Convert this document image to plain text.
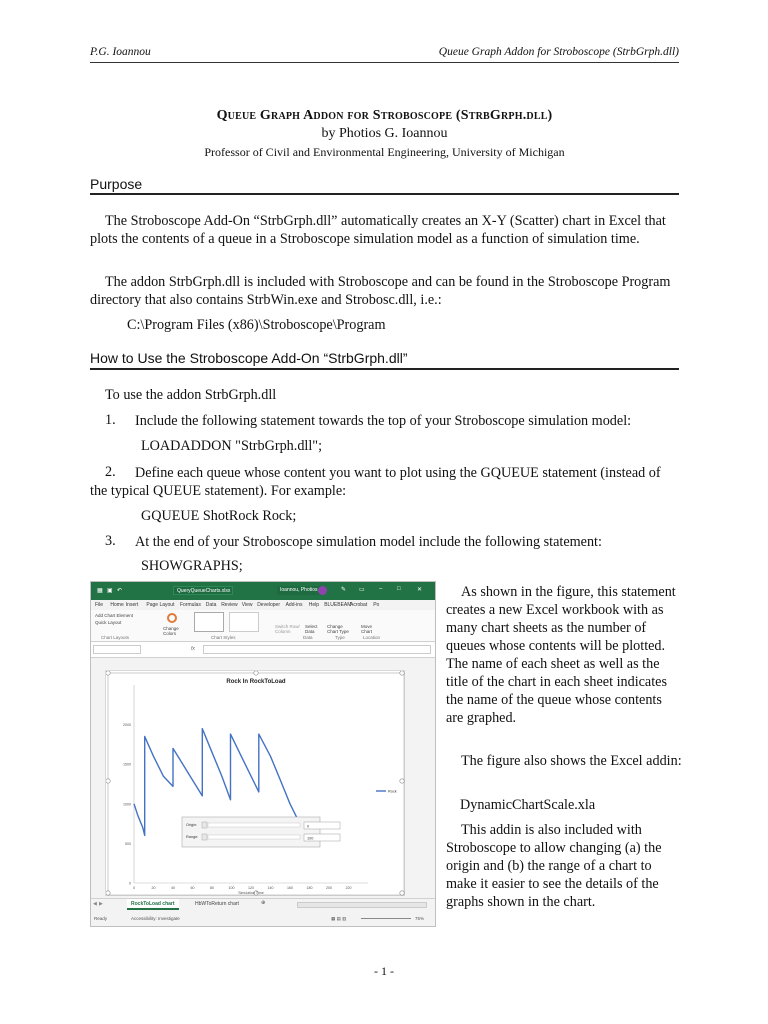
P.G. Ioannou	Queue Graph Addon for Stroboscope (StrbGrph.dll)
Queue Graph Addon for Stroboscope (StrbGrph.dll)
by Photios G. Ioannou
Professor of Civil and Environmental Engineering, University of Michigan
Purpose
The Stroboscope Add-On “StrbGrph.dll” automatically creates an X-Y (Scatter) chart in Excel that plots the contents of a queue in a Stroboscope simulation model as a function of simulation time.
The addon StrbGrph.dll is included with Stroboscope and can be found in the Stroboscope Program directory that also contains StrbWin.exe and Strobosc.dll, i.e.:
C:\Program Files (x86)\Stroboscope\Program
How to Use the Stroboscope Add-On “StrbGrph.dll”
To use the addon StrbGrph.dll
1. Include the following statement towards the top of your Stroboscope simulation model:
LOADADDON "StrbGrph.dll";
2.	Define each queue whose content you want to plot using the GQUEUE statement (instead of the typical QUEUE statement). For example:
GQUEUE ShotRock Rock;
3. At the end of your Stroboscope simulation model include the following statement:
SHOWGRAPHS;
▦ ▣ ↶	QueryQueueCharts.xlsx	Ioannou, Photios	✎ ▭ – □	✕
File Home Insert Page Layout Formulas Data Review View Developer Add-ins Help BLUEBEAM
Acrobat Po
Add Chart Element
Quick Layout
Change Colors
Switch Row/ Column
Select Data
Change Chart Type
Move Chart
Chart Layouts	Chart Styles	Data	Type	Location
fx
Rock In RockToLoad
0
500
1000
1500
2000
0	20	40	60	80	100	120	140	160	180	200	220
Simulation Time
Rock
Origin:
Range:
0
100
◀ ▶	RockToLoad chart	HbWToReturn chart	⊕
Ready	Accessibility: Investigate	▦ ▤ ▥	75%
As shown in the figure, this statement creates a new Excel workbook with as many chart sheets as the number of queues whose contents will be plotted. The name of each sheet as well as the title of the chart in each sheet indicates the name of the queue whose contents are graphed.
The figure also shows the Excel addin:
DynamicChartScale.xla
This addin is also included with Stroboscope to allow changing (a) the origin and (b) the range of a chart to make it easier to see the details of the graphs shown in the chart.
- 1 -
